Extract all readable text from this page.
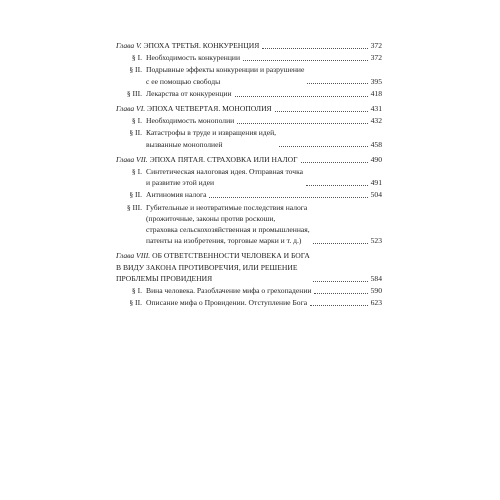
Глава V. ЭПОХА ТРЕТЬЯ. КОНКУРЕНЦИЯ	372
§ I. Необходимость конкуренции	372
§ II. Подрывные эффекты конкуренции и разрушение
с ее помощью свободы	395
§ III. Лекарства от конкуренции	418
Глава VI. ЭПОХА ЧЕТВЕРТАЯ. МОНОПОЛИЯ	431
§ I. Необходимость монополии	432
§ II. Катастрофы в труде и извращения идей,
вызванные монополией	458
Глава VII. ЭПОХА ПЯТАЯ. СТРАХОВКА ИЛИ НАЛОГ	490
§ I. Синтетическая налоговая идея. Отправная точка
и развитие этой идеи	491
§ II. Антиномия налога	504
§ III. Губительные и неотвратимые последствия налога
(прожиточные, законы против роскоши,
страховка сельскохозяйственная и промышленная,
патенты на изобретения, торговые марки и т. д.)	523
Глава VIII. ОБ ОТВЕТСТВЕННОСТИ ЧЕЛОВЕКА И БОГА
В ВИДУ ЗАКОНА ПРОТИВОРЕЧИЯ, ИЛИ РЕШЕНИЕ
ПРОБЛЕМЫ ПРОВИДЕНИЯ	584
§ I. Вина человека. Разоблачение мифа о грехопадении	590
§ II. Описание мифа о Провидении. Отступление Бога	623
